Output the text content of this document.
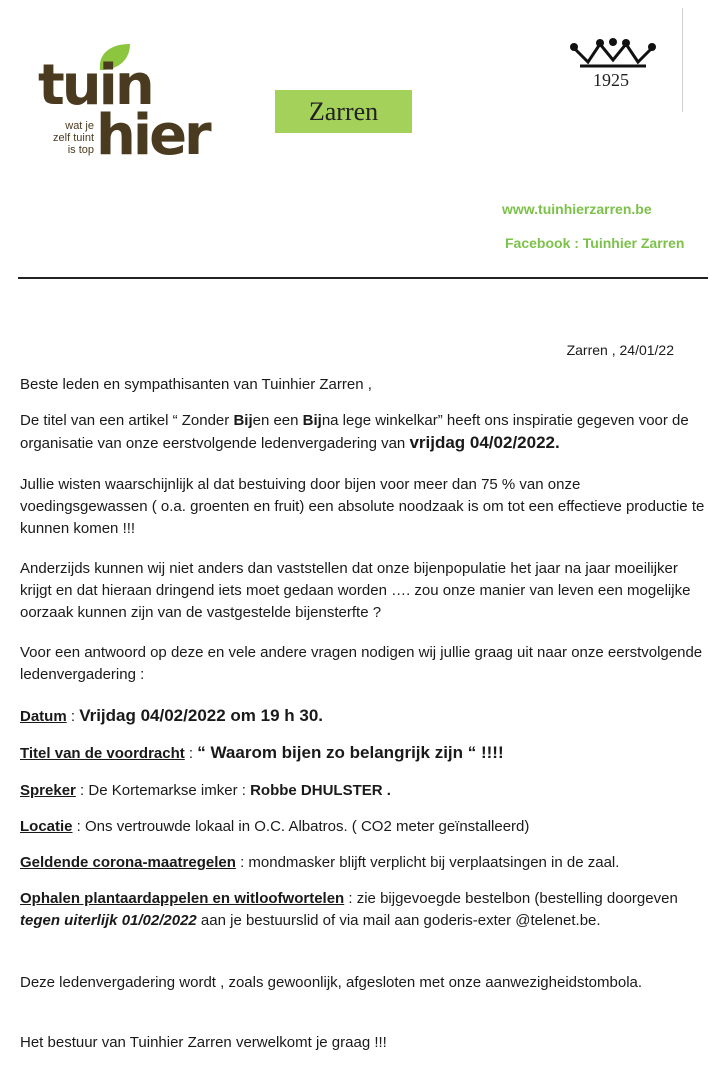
tuin
hier
wat je
zelf tuint
is top
Zarren
1925
www.tuinhierzarren.be
Facebook : Tuinhier Zarren
Zarren , 24/01/22

Beste leden en sympathisanten van Tuinhier Zarren ,

De titel van een artikel “ Zonder Bijen een Bijna lege winkelkar” heeft ons inspiratie gegeven voor de organisatie van onze eerstvolgende ledenvergadering van vrijdag 04/02/2022.

Jullie wisten waarschijnlijk al dat bestuiving door bijen voor meer dan 75 % van onze voedingsgewassen ( o.a. groenten en fruit) een absolute noodzaak is om tot een effectieve productie te kunnen komen !!!

Anderzijds kunnen wij niet anders dan vaststellen dat onze bijenpopulatie het jaar na jaar moeilijker krijgt en dat hieraan dringend iets moet gedaan worden …. zou onze manier van leven een mogelijke oorzaak kunnen zijn van de vastgestelde bijensterfte ?

Voor een antwoord op deze en vele andere vragen nodigen wij jullie graag uit naar onze eerstvolgende ledenvergadering :

Datum : Vrijdag 04/02/2022 om 19 h 30.

Titel van de voordracht : “ Waarom bijen zo belangrijk zijn “ !!!!

Spreker : De Kortemarkse imker : Robbe DHULSTER .

Locatie : Ons vertrouwde lokaal in O.C. Albatros. ( CO2 meter geïnstalleerd)

Geldende corona-maatregelen : mondmasker blijft verplicht bij verplaatsingen in de zaal.

Ophalen plantaardappelen en witloofwortelen : zie bijgevoegde bestelbon (bestelling doorgeven tegen uiterlijk 01/02/2022 aan je bestuurslid of via mail aan goderis-exter @telenet.be.

Deze ledenvergadering wordt , zoals gewoonlijk, afgesloten met onze aanwezigheidstombola.

Het bestuur van Tuinhier Zarren verwelkomt je graag !!!
